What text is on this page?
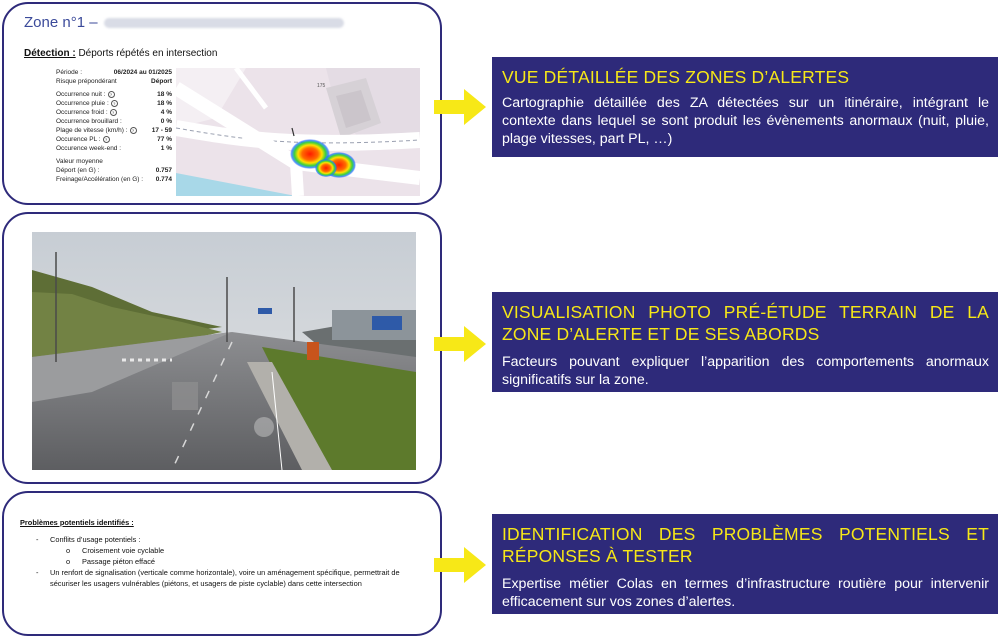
Zone n°1 –
Détection : Déports répétés en intersection
Période :	06/2024 au 01/2025
Risque prépondérant	Déport
Occurrence nuit : ?	18 %
Occurrence pluie : ?	18 %
Occurrence froid : ?	4 %
Occurrence brouillard :	0 %
Plage de vitesse (km/h) : ?	17 - 59
Occurence PL : ?	77 %
Occurence week-end :	1 %
Valeur moyenne
Déport (en G) :	0.757
Freinage/Accélération (en G) : 0.774
175
Problèmes potentiels identifiés :
-	Conflits d’usage potentiels :
o	Croisement voie cyclable
o	Passage piéton effacé
-	Un renfort de signalisation (verticale comme horizontale), voire un aménagement spécifique, permettrait de sécuriser les usagers vulnérables (piétons, et usagers de piste cyclable) dans cette intersection
VUE DÉTAILLÉE DES ZONES D’ALERTES
Cartographie détaillée des ZA détectées sur un itinéraire, intégrant le contexte dans lequel se sont produit les évènements anormaux (nuit, pluie, plage vitesses, part PL, …)
VISUALISATION PHOTO PRÉ-ÉTUDE TERRAIN DE LA ZONE D’ALERTE ET DE SES ABORDS
Facteurs pouvant expliquer l’apparition des comportements anormaux significatifs sur la zone.
IDENTIFICATION DES PROBLÈMES POTENTIELS ET RÉPONSES À TESTER
Expertise métier Colas en termes d’infrastructure routière pour intervenir efficacement sur vos zones d’alertes.
